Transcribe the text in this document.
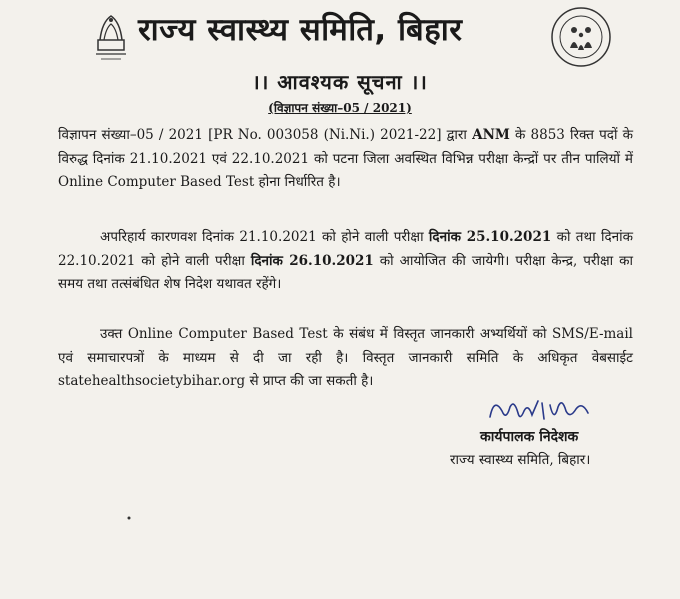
राज्य स्वास्थ्य समिति, बिहार
।। आवश्यक सूचना ।।
(विज्ञापन संख्या–05 / 2021)
विज्ञापन संख्या–05 / 2021 [PR No. 003058 (Ni.Ni.) 2021-22] द्वारा ANM के 8853 रिक्त पदों के विरुद्ध दिनांक 21.10.2021 एवं 22.10.2021 को पटना जिला अवस्थित विभिन्न परीक्षा केन्द्रों पर तीन पालियों में Online Computer Based Test होना निर्धारित है।
अपरिहार्य कारणवश दिनांक 21.10.2021 को होने वाली परीक्षा दिनांक 25.10.2021 को तथा दिनांक 22.10.2021 को होने वाली परीक्षा दिनांक 26.10.2021 को आयोजित की जायेगी। परीक्षा केन्द्र, परीक्षा का समय तथा तत्संबंधित शेष निदेश यथावत रहेंगे।
उक्त Online Computer Based Test के संबंध में विस्तृत जानकारी अभ्यर्थियों को SMS/E-mail एवं समाचारपत्रों के माध्यम से दी जा रही है। विस्तृत जानकारी समिति के अधिकृत वेबसाईट statehealthsocietybihar.org से प्राप्त की जा सकती है।
कार्यपालक निदेशक
राज्य स्वास्थ्य समिति, बिहार।
